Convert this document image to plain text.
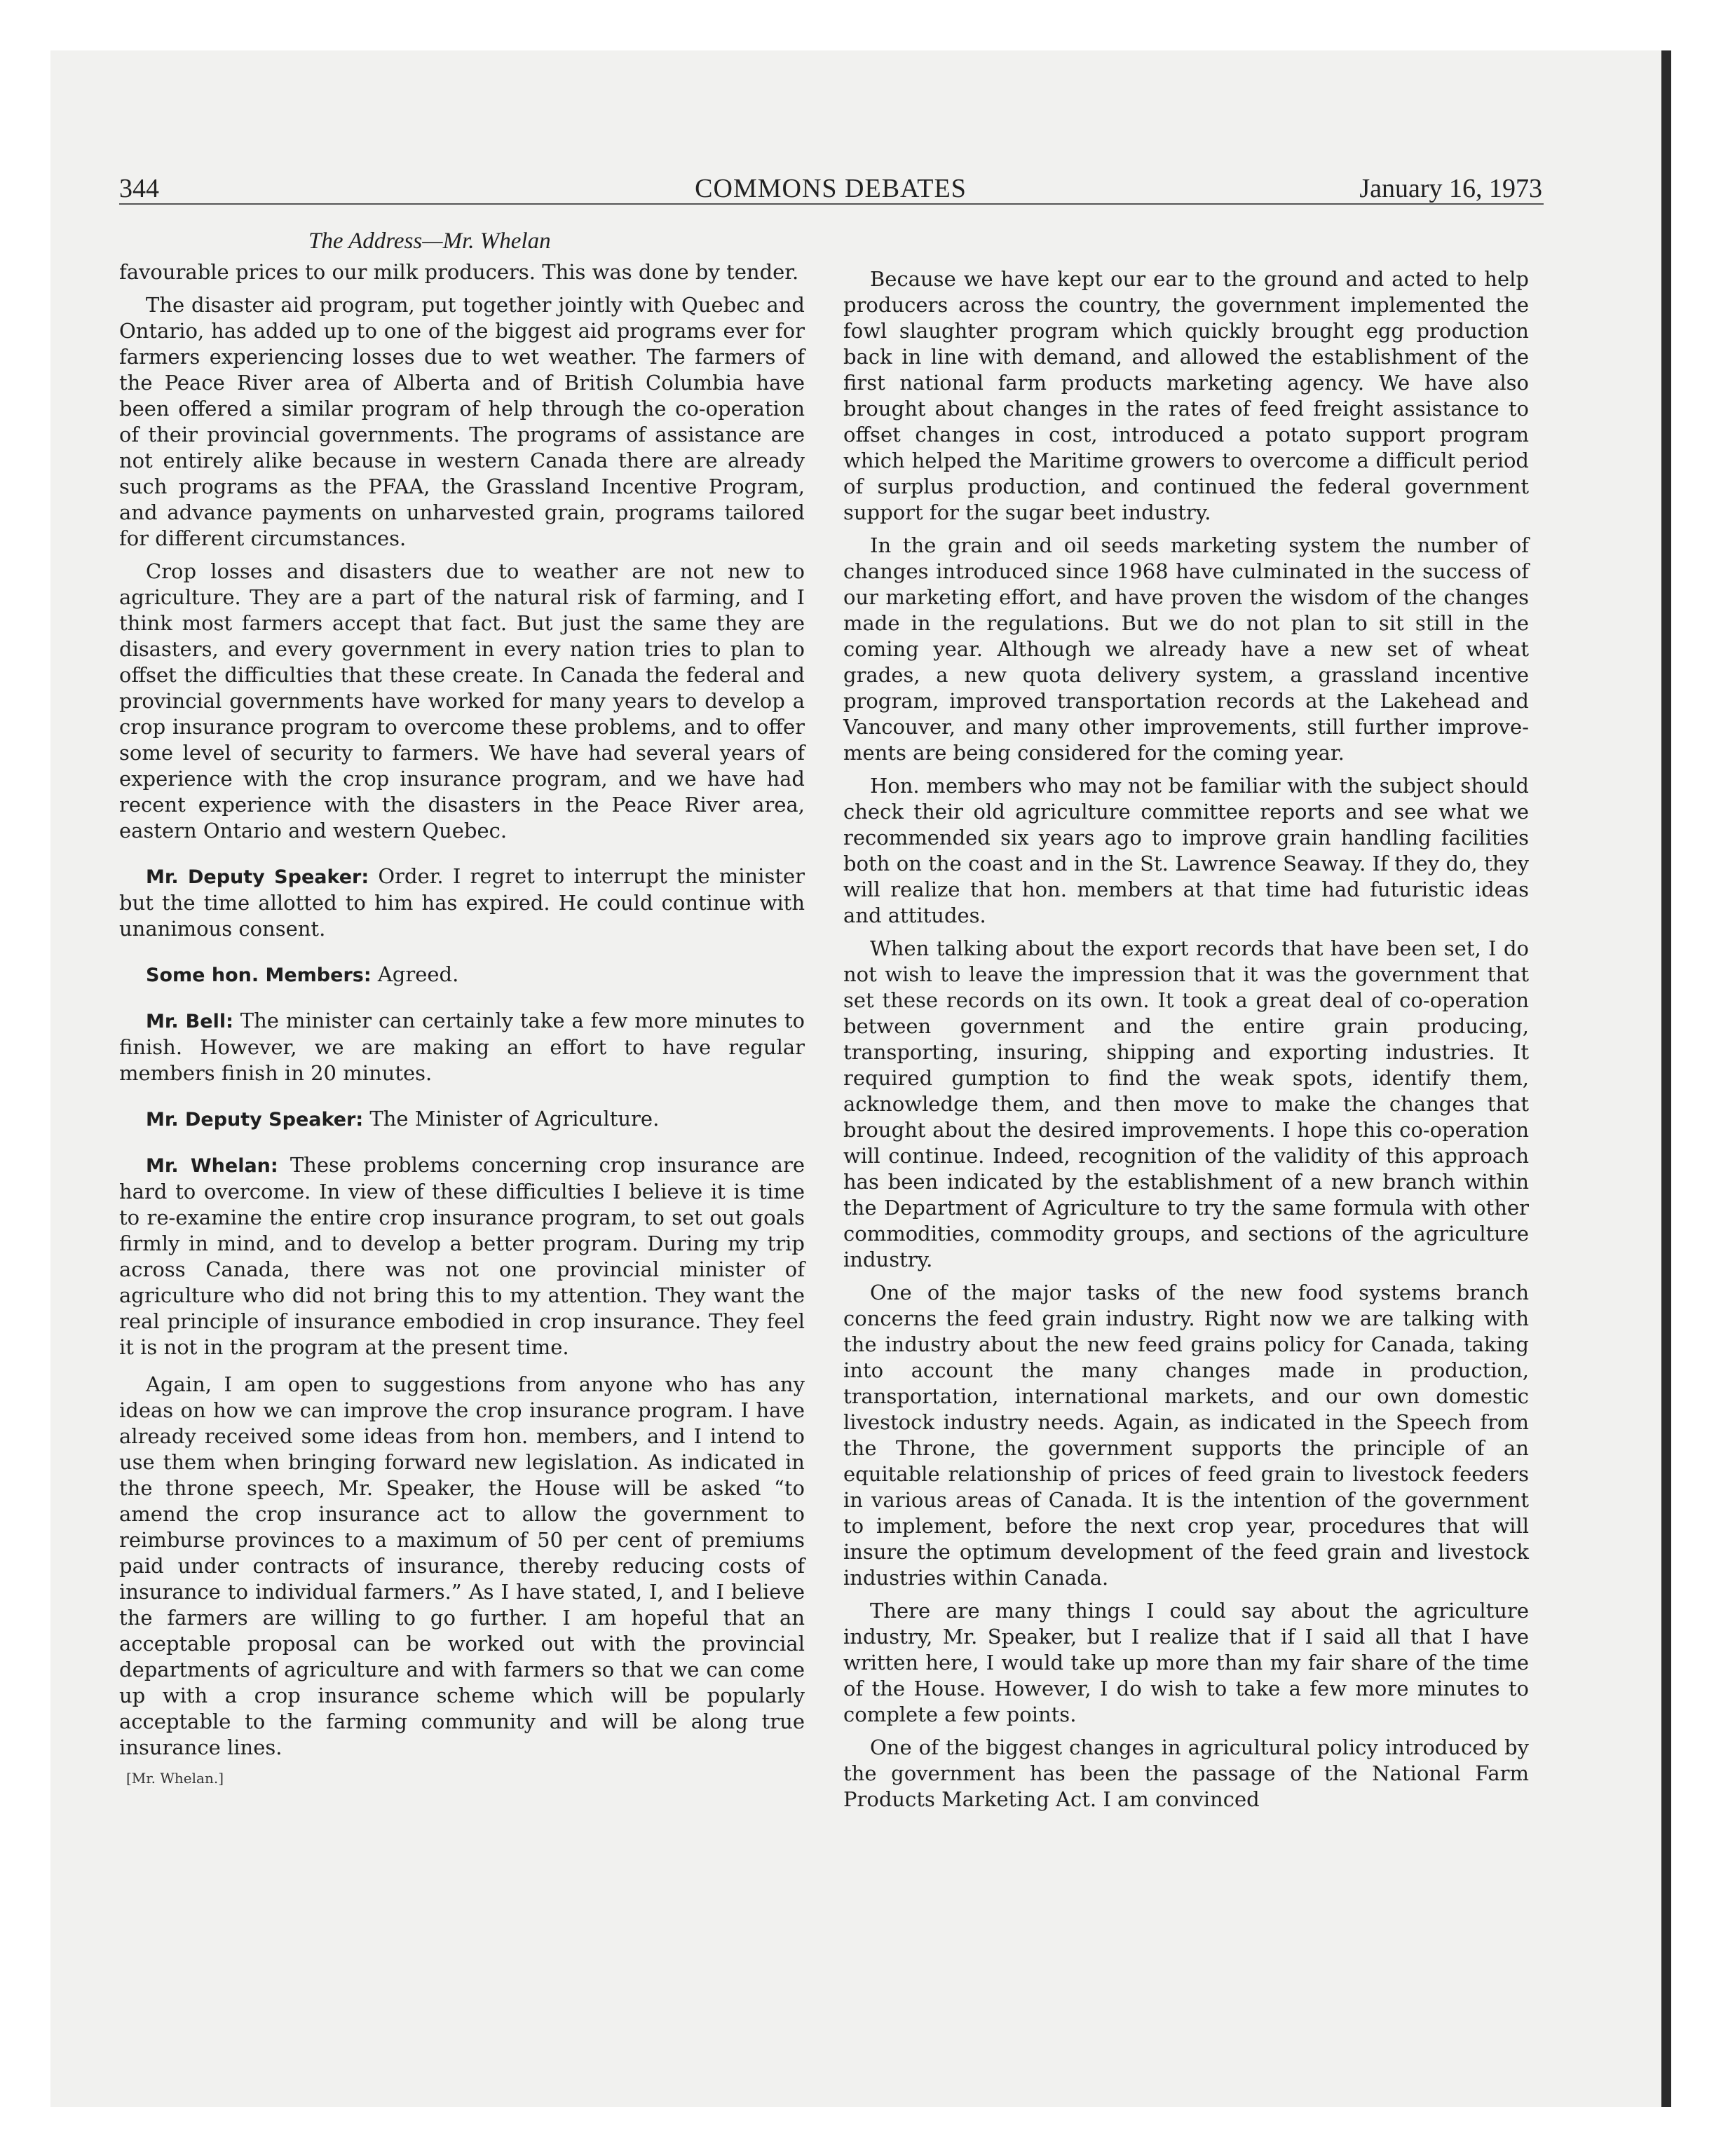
344	COMMONS DEBATES	January 16, 1973
The Address—Mr. Whelan

favourable prices to our milk producers. This was done by tender.

The disaster aid program, put together jointly with Quebec and Ontario, has added up to one of the biggest aid programs ever for farmers experiencing losses due to wet weather. The farmers of the Peace River area of Alberta and of British Columbia have been offered a similar program of help through the co-operation of their provincial governments. The programs of assistance are not entirely alike because in western Canada there are already such programs as the PFAA, the Grassland Incentive Program, and advance payments on unharvested grain, programs tailored for different circumstances.

Crop losses and disasters due to weather are not new to agriculture. They are a part of the natural risk of farming, and I think most farmers accept that fact. But just the same they are disasters, and every government in every nation tries to plan to offset the difficulties that these create. In Canada the federal and provincial governments have worked for many years to develop a crop insurance program to overcome these problems, and to offer some level of security to farmers. We have had several years of experience with the crop insurance program, and we have had recent experience with the disasters in the Peace River area, eastern Ontario and western Quebec.

Mr. Deputy Speaker: Order. I regret to interrupt the minister but the time allotted to him has expired. He could continue with unanimous consent.

Some hon. Members: Agreed.

Mr. Bell: The minister can certainly take a few more minutes to finish. However, we are making an effort to have regular members finish in 20 minutes.

Mr. Deputy Speaker: The Minister of Agriculture.

Mr. Whelan: These problems concerning crop insurance are hard to overcome. In view of these difficulties I believe it is time to re-examine the entire crop insurance program, to set out goals firmly in mind, and to develop a better program. During my trip across Canada, there was not one provincial minister of agriculture who did not bring this to my attention. They want the real principle of insurance embodied in crop insurance. They feel it is not in the program at the present time.

Again, I am open to suggestions from anyone who has any ideas on how we can improve the crop insurance program. I have already received some ideas from hon. members, and I intend to use them when bringing forward new legislation. As indicated in the throne speech, Mr. Speaker, the House will be asked “to amend the crop insurance act to allow the government to reimburse provinces to a maximum of 50 per cent of premiums paid under contracts of insurance, thereby reducing costs of insurance to individual farmers.” As I have stated, I, and I believe the farmers are willing to go further. I am hopeful that an acceptable proposal can be worked out with the provincial departments of agriculture and with farmers so that we can come up with a crop insurance scheme which will be popularly acceptable to the farming community and will be along true insurance lines.

[Mr. Whelan.]

Because we have kept our ear to the ground and acted to help producers across the country, the government implemented the fowl slaughter program which quickly brought egg production back in line with demand, and allowed the establishment of the first national farm products marketing agency. We have also brought about changes in the rates of feed freight assistance to offset changes in cost, introduced a potato support program which helped the Maritime growers to overcome a difficult period of surplus production, and continued the federal government support for the sugar beet industry.

In the grain and oil seeds marketing system the number of changes introduced since 1968 have culminated in the success of our marketing effort, and have proven the wisdom of the changes made in the regulations. But we do not plan to sit still in the coming year. Although we already have a new set of wheat grades, a new quota delivery system, a grassland incentive program, improved transportation records at the Lakehead and Vancouver, and many other improvements, still further improvements are being considered for the coming year.

Hon. members who may not be familiar with the subject should check their old agriculture committee reports and see what we recommended six years ago to improve grain handling facilities both on the coast and in the St. Lawrence Seaway. If they do, they will realize that hon. members at that time had futuristic ideas and attitudes.

When talking about the export records that have been set, I do not wish to leave the impression that it was the government that set these records on its own. It took a great deal of co-operation between government and the entire grain producing, transporting, insuring, shipping and exporting industries. It required gumption to find the weak spots, identify them, acknowledge them, and then move to make the changes that brought about the desired improvements. I hope this co-operation will continue. Indeed, recognition of the validity of this approach has been indicated by the establishment of a new branch within the Department of Agriculture to try the same formula with other commodities, commodity groups, and sections of the agriculture industry.

One of the major tasks of the new food systems branch concerns the feed grain industry. Right now we are talking with the industry about the new feed grains policy for Canada, taking into account the many changes made in production, transportation, international markets, and our own domestic livestock industry needs. Again, as indicated in the Speech from the Throne, the government supports the principle of an equitable relationship of prices of feed grain to livestock feeders in various areas of Canada. It is the intention of the government to implement, before the next crop year, procedures that will insure the optimum development of the feed grain and livestock industries within Canada.

There are many things I could say about the agriculture industry, Mr. Speaker, but I realize that if I said all that I have written here, I would take up more than my fair share of the time of the House. However, I do wish to take a few more minutes to complete a few points.

One of the biggest changes in agricultural policy introduced by the government has been the passage of the National Farm Products Marketing Act. I am convinced
